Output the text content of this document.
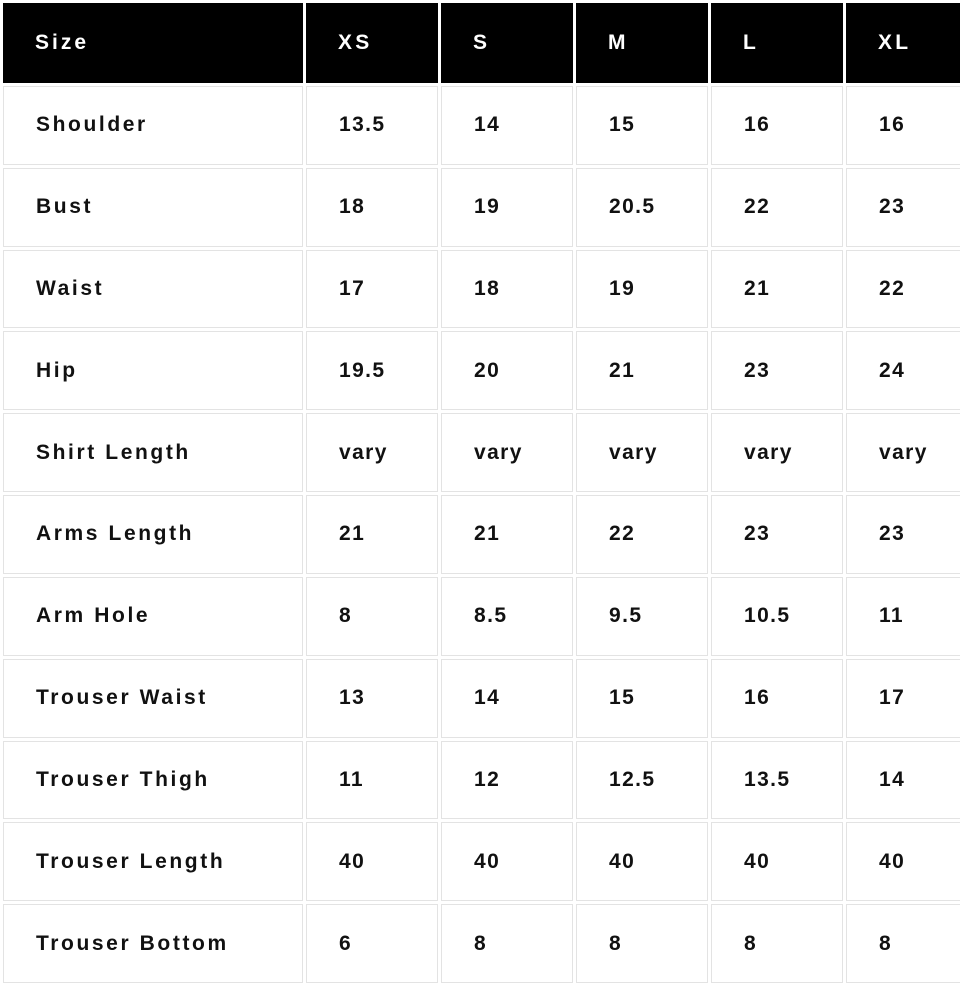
Size	XS	S	M	L	XL
Shoulder	13.5	14	15	16	16
Bust	18	19	20.5	22	23
Waist	17	18	19	21	22
Hip	19.5	20	21	23	24
Shirt Length	vary	vary	vary	vary	vary
Arms Length	21	21	22	23	23
Arm Hole	8	8.5	9.5	10.5	11
Trouser Waist	13	14	15	16	17
Trouser Thigh	11	12	12.5	13.5	14
Trouser Length	40	40	40	40	40
Trouser Bottom	6	8	8	8	8
